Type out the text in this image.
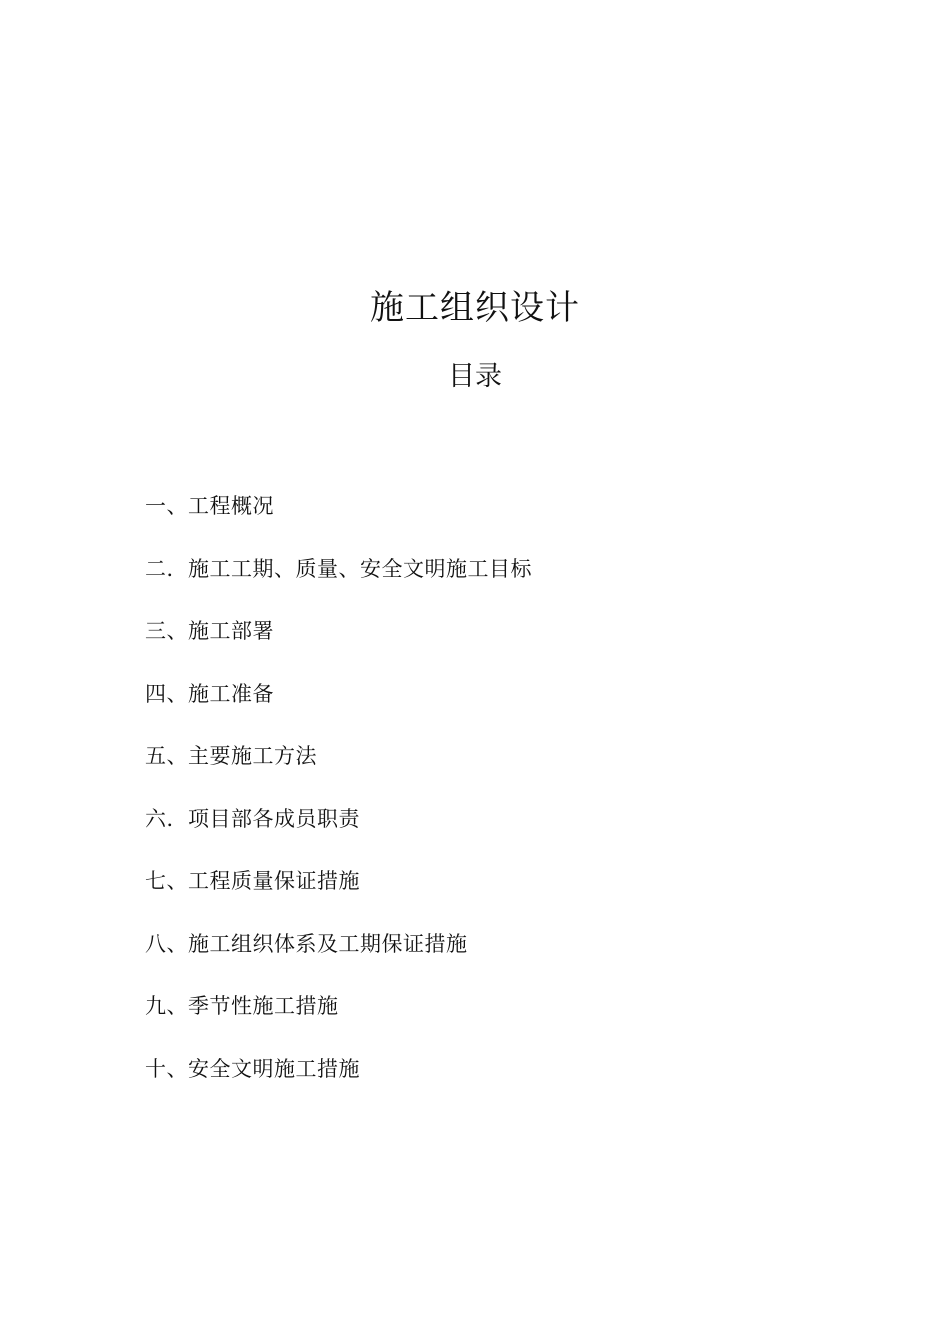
施工组织设计
目录
一、工程概况
二．施工工期、质量、安全文明施工目标
三、施工部署
四、施工准备
五、主要施工方法
六．项目部各成员职责
七、工程质量保证措施
八、施工组织体系及工期保证措施
九、季节性施工措施
十、安全文明施工措施
